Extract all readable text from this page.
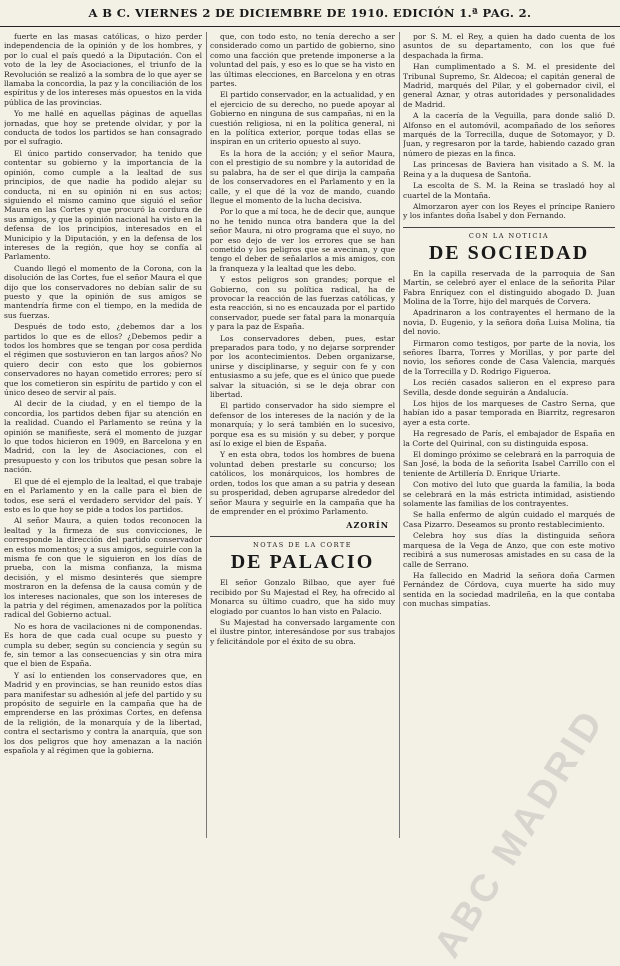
A B C. VIERNES 2 DE DICIEMBRE DE 1910. EDICIÓN 1.ª PAG. 2.

fuerte en las masas católicas, o hizo perder independencia de la opinión y de los hombres, y por lo cual el país quedó a la Diputación. Con el voto de la ley de Asociaciones, el triunfo de la Revolución se realizó a la sombra de lo que ayer se llamaba la concordia, la paz y la conciliación de los espíritus y de los intereses más opuestos en la vida pública de las provincias.

Yo me hallé en aquellas páginas de aquellas jornadas, que hoy se pretende olvidar, y por la conducta de todos los partidos se han consagrado por el sufragio.

El único partido conservador, ha tenido que contentar su gobierno y la importancia de la opinión, como cumple a la lealtad de sus principios, de que nadie ha podido alejar su conducta, ni en su opinión ni en sus actos; siguiendo el mismo camino que siguió el señor Maura en las Cortes y que procuró la cordura de sus amigos, y que la opinión nacional ha visto en la defensa de los principios, interesados en el Municipio y la Diputación, y en la defensa de los intereses de la región, que hoy se confía al Parlamento.

Cuando llegó el momento de la Corona, con la disolución de las Cortes, fue el señor Maura el que dijo que los conservadores no debían salir de su puesto y que la opinión de sus amigos se mantendría firme con el tiempo, en la medida de sus fuerzas.

Después de todo esto, ¿debemos dar a los partidos lo que es de ellos? ¿Debemos pedir a todos los hombres que se tengan por cosa perdida el régimen que sostuvieron en tan largos años? No quiero decir con esto que los gobiernos conservadores no hayan cometido errores; pero sí que los cometieron sin espíritu de partido y con el único deseo de servir al país.

Al decir de la ciudad, y en el tiempo de la concordia, los partidos deben fijar su atención en la realidad. Cuando el Parlamento se reúna y la opinión se manifieste, será el momento de juzgar lo que todos hicieron en 1909, en Barcelona y en Madrid, con la ley de Asociaciones, con el presupuesto y con los tributos que pesan sobre la nación.

El que dé el ejemplo de la lealtad, el que trabaje en el Parlamento y en la calle para el bien de todos, ese será el verdadero servidor del país. Y esto es lo que hoy se pide a todos los partidos.

Al señor Maura, a quien todos reconocen la lealtad y la firmeza de sus convicciones, le corresponde la dirección del partido conservador en estos momentos; y a sus amigos, seguirle con la misma fe con que le siguieron en los días de prueba, con la misma confianza, la misma decisión, y el mismo desinterés que siempre mostraron en la defensa de la causa común y de los intereses nacionales, que son los intereses de la patria y del régimen, amenazados por la política radical del Gobierno actual.

No es hora de vacilaciones ni de componendas. Es hora de que cada cual ocupe su puesto y cumpla su deber, según su conciencia y según su fe, sin temor a las consecuencias y sin otra mira que el bien de España.

Y así lo entienden los conservadores que, en Madrid y en provincias, se han reunido estos días para manifestar su adhesión al jefe del partido y su propósito de seguirle en la campaña que ha de emprenderse en las próximas Cortes, en defensa de la religión, de la monarquía y de la libertad, contra el sectarismo y contra la anarquía, que son los dos peligros que hoy amenazan a la nación española y al régimen que la gobierna.

que, con todo esto, no tenía derecho a ser considerado como un partido de gobierno, sino como una facción que pretende imponerse a la voluntad del país, y eso es lo que se ha visto en las últimas elecciones, en Barcelona y en otras partes.

El partido conservador, en la actualidad, y en el ejercicio de su derecho, no puede apoyar al Gobierno en ninguna de sus campañas, ni en la cuestión religiosa, ni en la política general, ni en la política exterior, porque todas ellas se inspiran en un criterio opuesto al suyo.

Es la hora de la acción; y el señor Maura, con el prestigio de su nombre y la autoridad de su palabra, ha de ser el que dirija la campaña de los conservadores en el Parlamento y en la calle, y el que dé la voz de mando, cuando llegue el momento de la lucha decisiva.

Por lo que a mí toca, he de decir que, aunque no he tenido nunca otra bandera que la del señor Maura, ni otro programa que el suyo, no por eso dejo de ver los errores que se han cometido y los peligros que se avecinan, y que tengo el deber de señalarlos a mis amigos, con la franqueza y la lealtad que les debo.

Y estos peligros son grandes; porque el Gobierno, con su política radical, ha de provocar la reacción de las fuerzas católicas, y esta reacción, si no es encauzada por el partido conservador, puede ser fatal para la monarquía y para la paz de España.

Los conservadores deben, pues, estar preparados para todo, y no dejarse sorprender por los acontecimientos. Deben organizarse, unirse y disciplinarse, y seguir con fe y con entusiasmo a su jefe, que es el único que puede salvar la situación, si se le deja obrar con libertad.

El partido conservador ha sido siempre el defensor de los intereses de la nación y de la monarquía; y lo será también en lo sucesivo, porque esa es su misión y su deber, y porque así lo exige el bien de España.

Y en esta obra, todos los hombres de buena voluntad deben prestarle su concurso; los católicos, los monárquicos, los hombres de orden, todos los que aman a su patria y desean su prosperidad, deben agruparse alrededor del señor Maura y seguirle en la campaña que ha de emprender en el próximo Parlamento.

AZORÍN
NOTAS DE LA CORTE
DE PALACIO

El señor Gonzalo Bilbao, que ayer fué recibido por Su Majestad el Rey, ha ofrecido al Monarca su último cuadro, que ha sido muy elogiado por cuantos lo han visto en Palacio.

Su Majestad ha conversado largamente con el ilustre pintor, interesándose por sus trabajos y felicitándole por el éxito de su obra.

por S. M. el Rey, a quien ha dado cuenta de los asuntos de su departamento, con los que fué despachada la firma.

Han cumplimentado a S. M. el presidente del Tribunal Supremo, Sr. Aldecoa; el capitán general de Madrid, marqués del Pilar, y el gobernador civil, el general Aznar, y otras autoridades y personalidades de Madrid.

A la cacería de la Veguilla, para donde salió D. Alfonso en el automóvil, acompañado de los señores marqués de la Torrecilla, duque de Sotomayor, y D. Juan, y regresaron por la tarde, habiendo cazado gran número de piezas en la finca.

Las princesas de Baviera han visitado a S. M. la Reina y a la duquesa de Santoña.

La escolta de S. M. la Reina se trasladó hoy al cuartel de la Montaña.

Almorzaron ayer con los Reyes el príncipe Raniero y los infantes doña Isabel y don Fernando.

CON LA NOTICIA
DE SOCIEDAD

En la capilla reservada de la parroquia de San Martín, se celebró ayer el enlace de la señorita Pilar Fabra Enríquez con el distinguido abogado D. Juan Molina de la Torre, hijo del marqués de Corvera.

Apadrinaron a los contrayentes el hermano de la novia, D. Eugenio, y la señora doña Luisa Molina, tía del novio.

Firmaron como testigos, por parte de la novia, los señores Ibarra, Torres y Morillas, y por parte del novio, los señores conde de Casa Valencia, marqués de la Torrecilla y D. Rodrigo Figueroa.

Los recién casados salieron en el expreso para Sevilla, desde donde seguirán a Andalucía.

Los hijos de los marqueses de Castro Serna, que habían ido a pasar temporada en Biarritz, regresaron ayer a esta corte.

Ha regresado de París, el embajador de España en la Corte del Quirinal, con su distinguida esposa.

El domingo próximo se celebrará en la parroquia de San José, la boda de la señorita Isabel Carrillo con el teniente de Artillería D. Enrique Uriarte.

Con motivo del luto que guarda la familia, la boda se celebrará en la más estricta intimidad, asistiendo solamente las familias de los contrayentes.

Se halla enfermo de algún cuidado el marqués de Casa Pizarro. Deseamos su pronto restablecimiento.

Celebra hoy sus días la distinguida señora marquesa de la Vega de Anzo, que con este motivo recibirá a sus numerosas amistades en su casa de la calle de Serrano.

Ha fallecido en Madrid la señora doña Carmen Fernández de Córdova, cuya muerte ha sido muy sentida en la sociedad madrileña, en la que contaba con muchas simpatías.

ABC MADRID
